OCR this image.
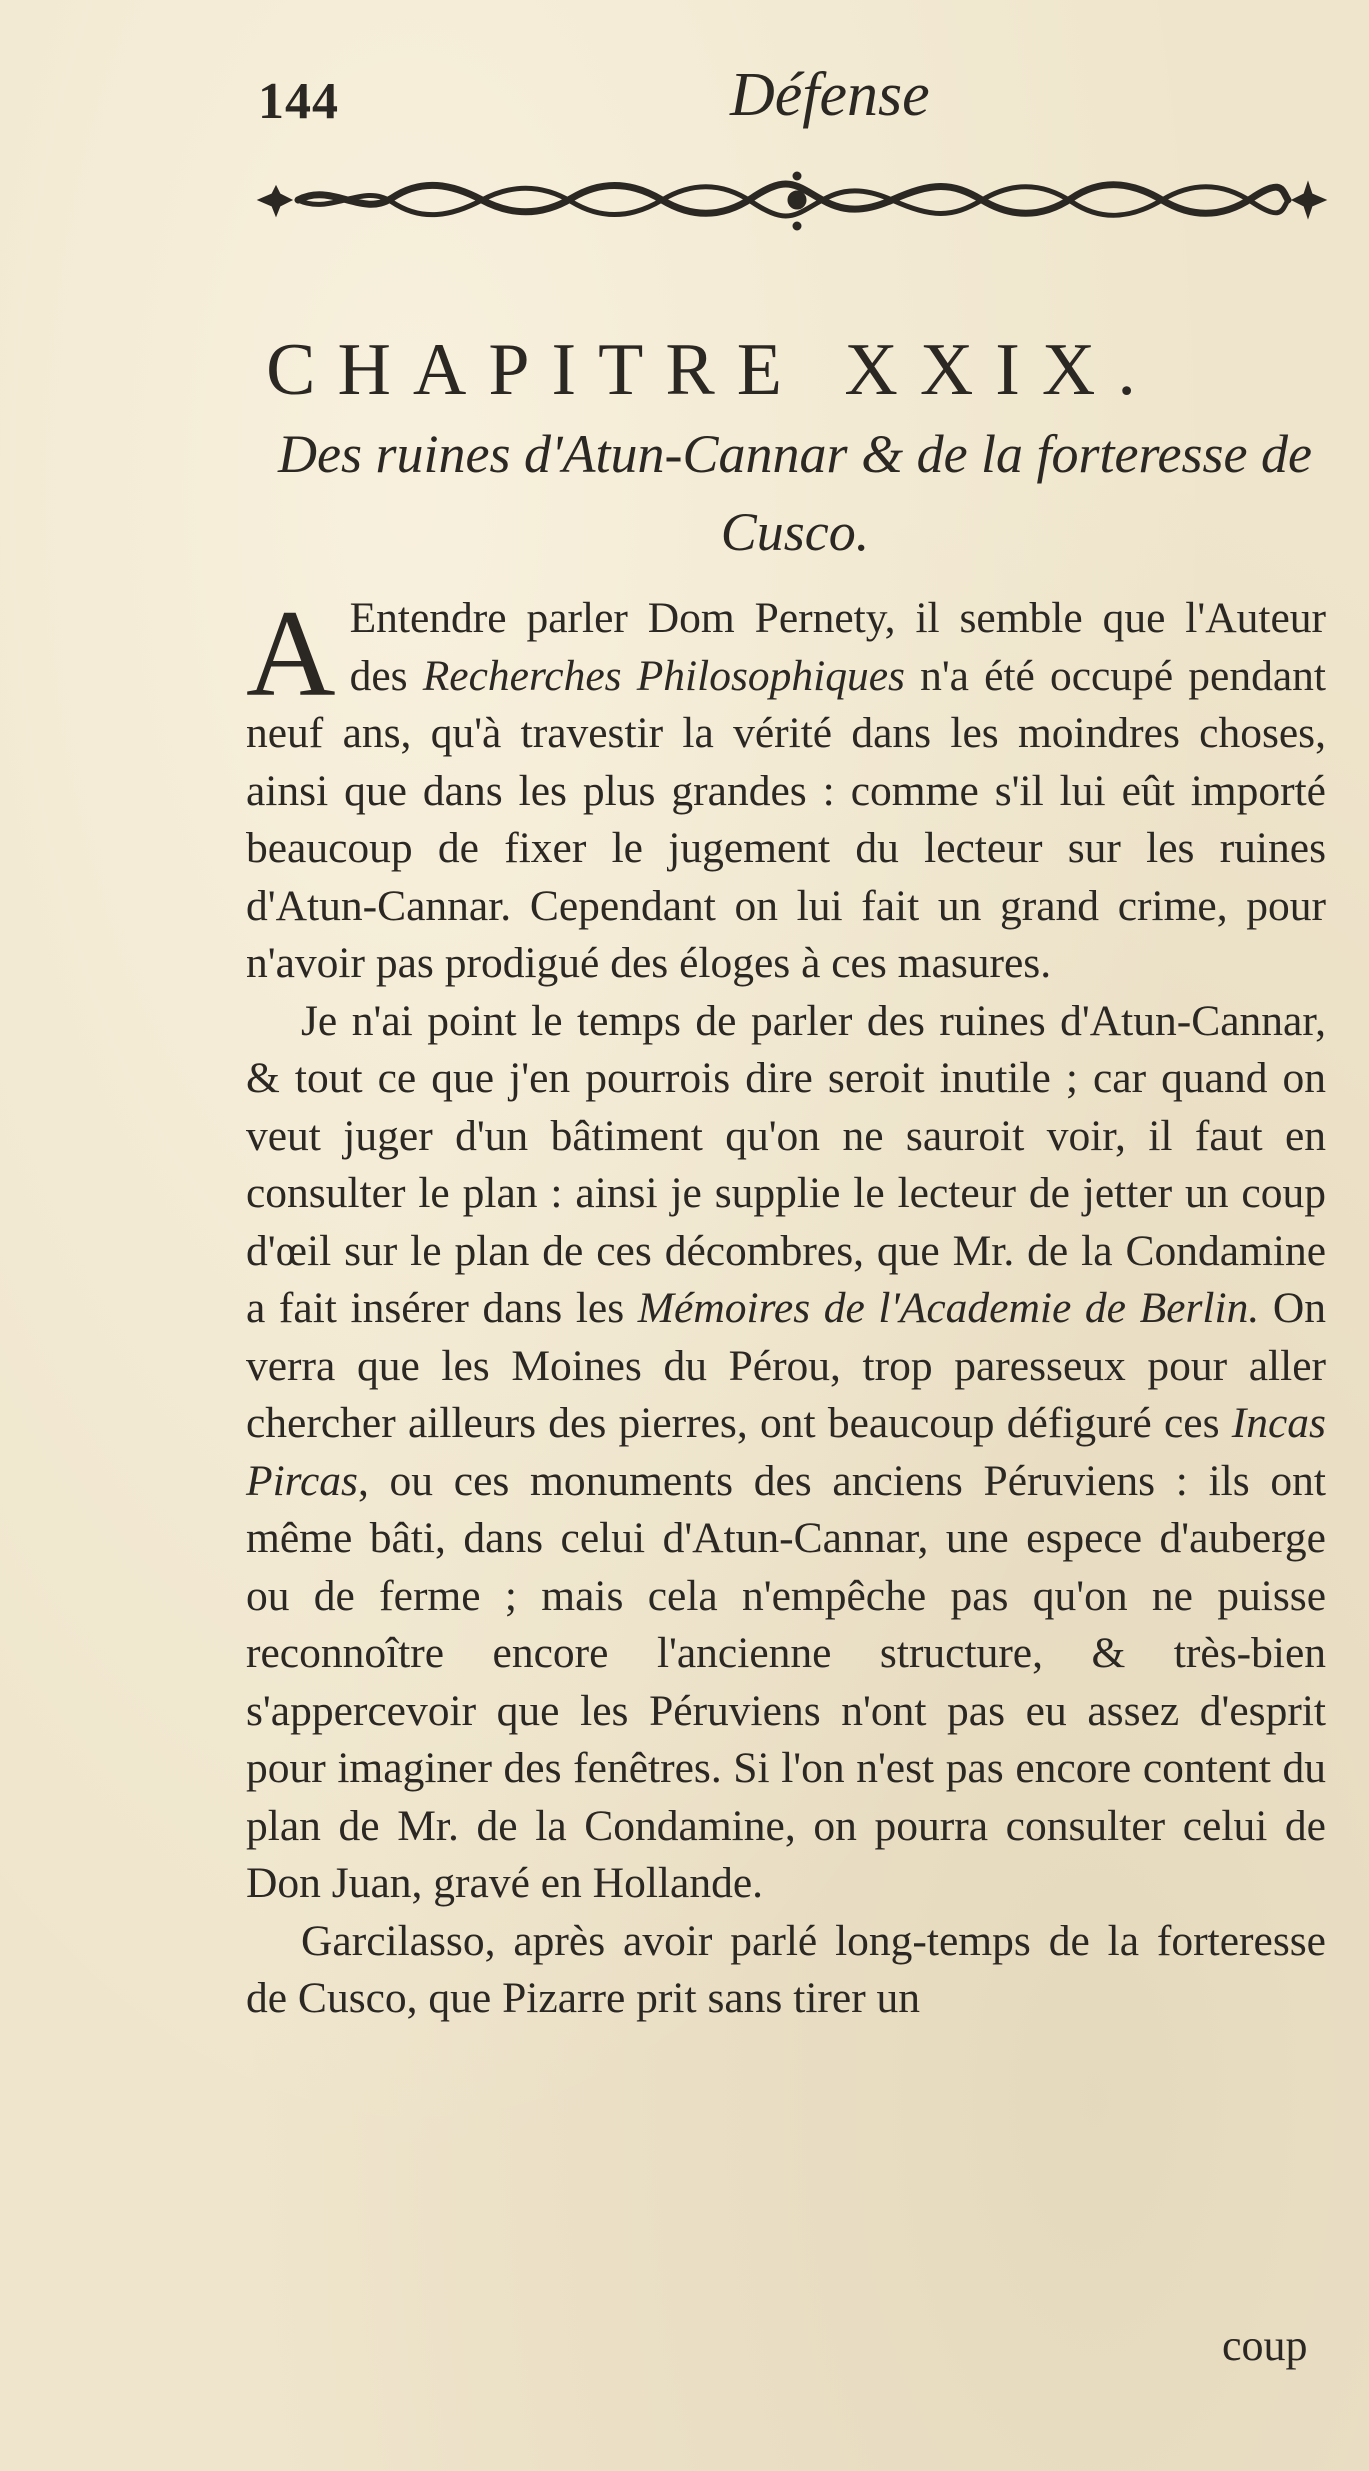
144	Défense
CHAPITRE XXIX.
Des ruines d'Atun-Cannar & de la forteresse de Cusco.

A Entendre parler Dom Pernety, il semble que l'Auteur des Recherches Philosophiques n'a été occupé pendant neuf ans, qu'à travestir la vérité dans les moindres choses, ainsi que dans les plus grandes : comme s'il lui eût importé beaucoup de fixer le jugement du lecteur sur les ruines d'Atun-Cannar. Cependant on lui fait un grand crime, pour n'avoir pas prodigué des éloges à ces masures.

Je n'ai point le temps de parler des ruines d'Atun-Cannar, & tout ce que j'en pourrois dire seroit inutile ; car quand on veut juger d'un bâtiment qu'on ne sauroit voir, il faut en consulter le plan : ainsi je supplie le lecteur de jetter un coup d'œil sur le plan de ces décombres, que Mr. de la Condamine a fait insérer dans les Mémoires de l'Academie de Berlin. On verra que les Moines du Pérou, trop paresseux pour aller chercher ailleurs des pierres, ont beaucoup défiguré ces Incas Pircas, ou ces monuments des anciens Péruviens : ils ont même bâti, dans celui d'Atun-Cannar, une espece d'auberge ou de ferme ; mais cela n'empêche pas qu'on ne puisse reconnoître encore l'ancienne structure, & très-bien s'appercevoir que les Péruviens n'ont pas eu assez d'esprit pour imaginer des fenêtres. Si l'on n'est pas encore content du plan de Mr. de la Condamine, on pourra consulter celui de Don Juan, gravé en Hollande.

Garcilasso, après avoir parlé long-temps de la forteresse de Cusco, que Pizarre prit sans tirer un

coup
